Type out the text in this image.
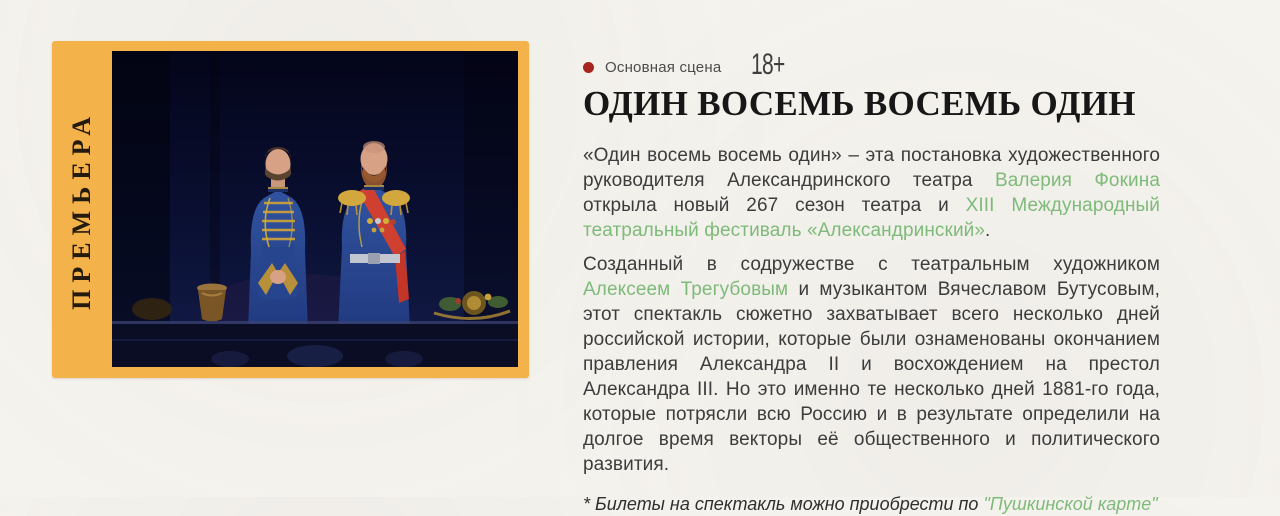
ПРЕМЬЕРА
Основная сцена 18+
ОДИН ВОСЕМЬ ВОСЕМЬ ОДИН

«Один восемь восемь один» – эта постановка художественного руководителя Александринского театра Валерия Фокина открыла новый 267 сезон театра и XIII Международный театральный фестиваль «Александринский».

Созданный в содружестве с театральным художником Алексеем Трегубовым и музыкантом Вячеславом Бутусовым, этот спектакль сюжетно захватывает всего несколько дней российской истории, которые были ознаменованы окончанием правления Александра II и восхождением на престол Александра III. Но это именно те несколько дней 1881-го года, которые потрясли всю Россию и в результате определили на долгое время векторы её общественного и политического развития.

* Билеты на спектакль можно приобрести по "Пушкинской карте"
